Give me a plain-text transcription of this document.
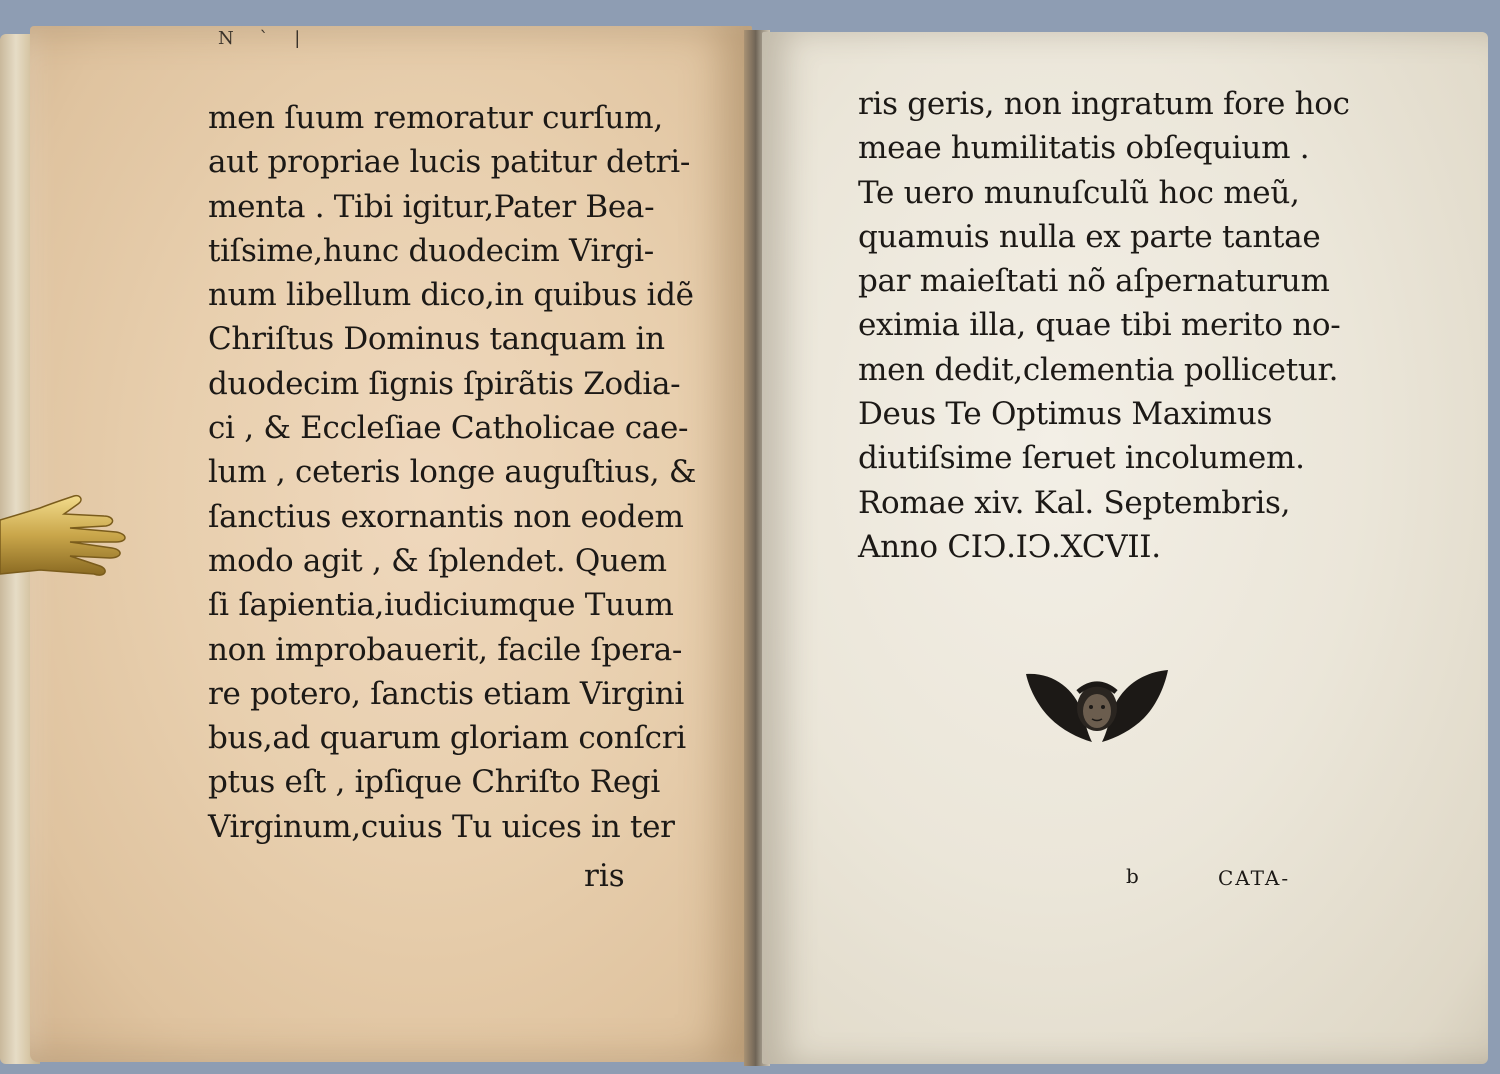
N ` |
men ſuum remoratur curſum,
aut propriae lucis patitur detri-
menta . Tibi igitur,Pater Bea-
tiſsime,hunc duodecim Virgi-
num libellum dico,in quibus idẽ
Chriſtus Dominus tanquam in
duodecim ſignis ſpirãtis Zodia-
ci , & Eccleſiae Catholicae cae-
lum , ceteris longe auguſtius, &
ſanctius exornantis non eodem
modo agit , & ſplendet. Quem
ſi ſapientia,iudiciumque Tuum
non improbauerit, facile ſpera-
re potero, ſanctis etiam Virgini
bus,ad quarum gloriam conſcri
ptus eſt , ipſique Chriſto Regi
Virginum,cuius Tu uices in ter
ris
ris geris, non ingratum fore hoc
meae humilitatis obſequium .
Te uero munuſculũ hoc meũ,
quamuis nulla ex parte tantae
par maieſtati nõ aſpernaturum
eximia illa, quae tibi merito no-
men dedit,clementia pollicetur.
Deus Te Optimus Maximus
diutiſsime ſeruet incolumem.
Romae xiv. Kal. Septembris,
Anno CIↃ.IↃ.XCVII.
b	CATA-
